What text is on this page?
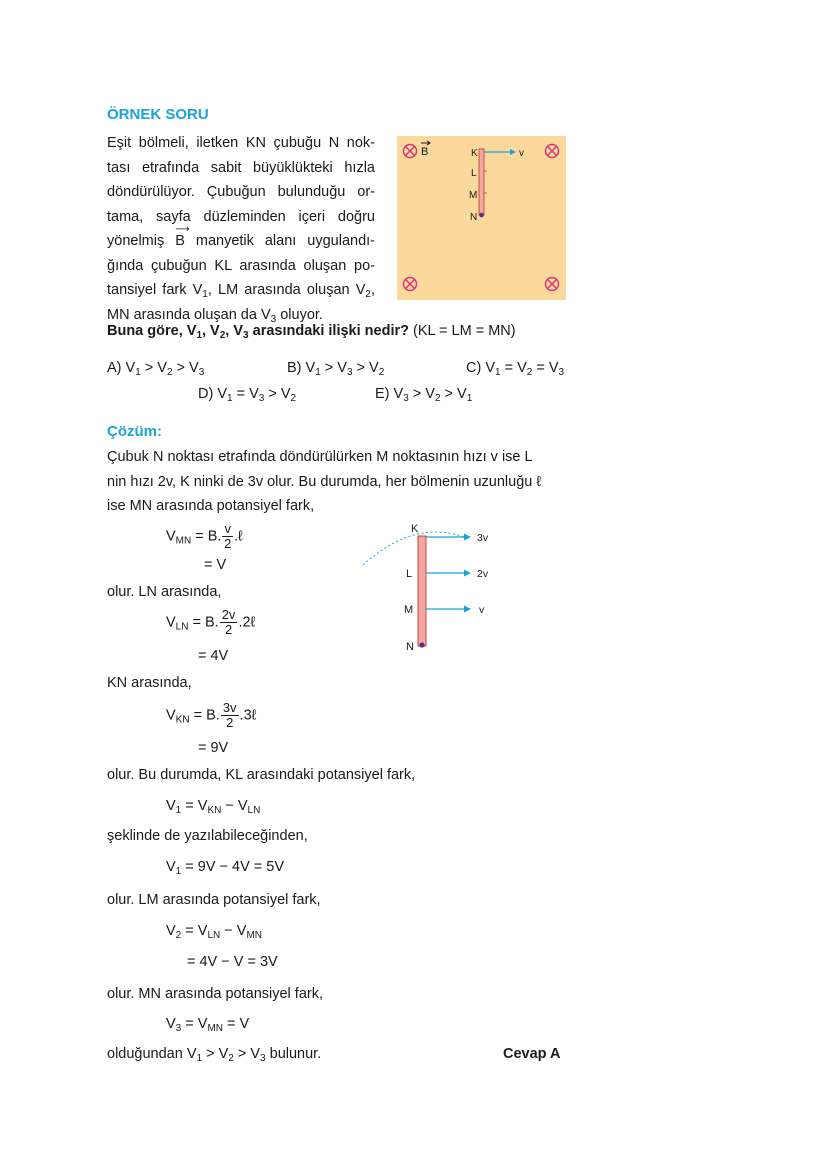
ÖRNEK SORU
Eşit bölmeli, iletken KN çubuğu N nok-
tası etrafında sabit büyüklükteki hızla
döndürülüyor. Çubuğun bulunduğu or-
tama, sayfa düzleminden içeri doğru
yönelmiş B
⟶
manyetik alanı uygulandı-
ğında çubuğun KL arasında oluşan po-
tansiyel fark $V_1$, LM arasında oluşan $V_2$,
MN arasında oluşan da $V_3$ oluyor.
B	K
L
M
N
v
Buna göre, $V_1$, $V_2$, $V_3$ arasındaki ilişki nedir? (KL = LM = MN)
A) $V_1 > V_2 > V_3$	B) $V_1 > V_3 > V_2$	C) $V_1 = V_2 = V_3$
D) $V_1 = V_3 > V_2$	E) $V_3 > V_2 > V_1$
Çözüm:
Çubuk N noktası etrafında döndürülürken M noktasının hızı v ise L
nin hızı 2v, K ninki de 3v olur. Bu durumda, her bölmenin uzunluğu ℓ
ise MN arasında potansiyel fark,
$V_{MN} = B$. $\frac{v}{2}$ .ℓ
= V
olur. LN arasında,
$V_{LN} = B$. $\frac{2v}{2}$ .2ℓ
= 4V
KN arasında,
$V_{KN} = B$. $\frac{3v}{2}$ .3ℓ
= 9V
olur. Bu durumda, KL arasındaki potansiyel fark,
$V_1 = V_{KN} - V_{LN}$
şeklinde de yazılabileceğinden,
$V_1 = 9V - 4V = 5V$
olur. LM arasında potansiyel fark,
$V_2 = V_{LN} - V_{MN}$
= 4V − V = 3V
olur. MN arasında potansiyel fark,
$V_3 = V_{MN} = V$
olduğundan $V_1 > V_2 > V_3$ bulunur.	Cevap A
K
L
M
N
3v
2v
v
